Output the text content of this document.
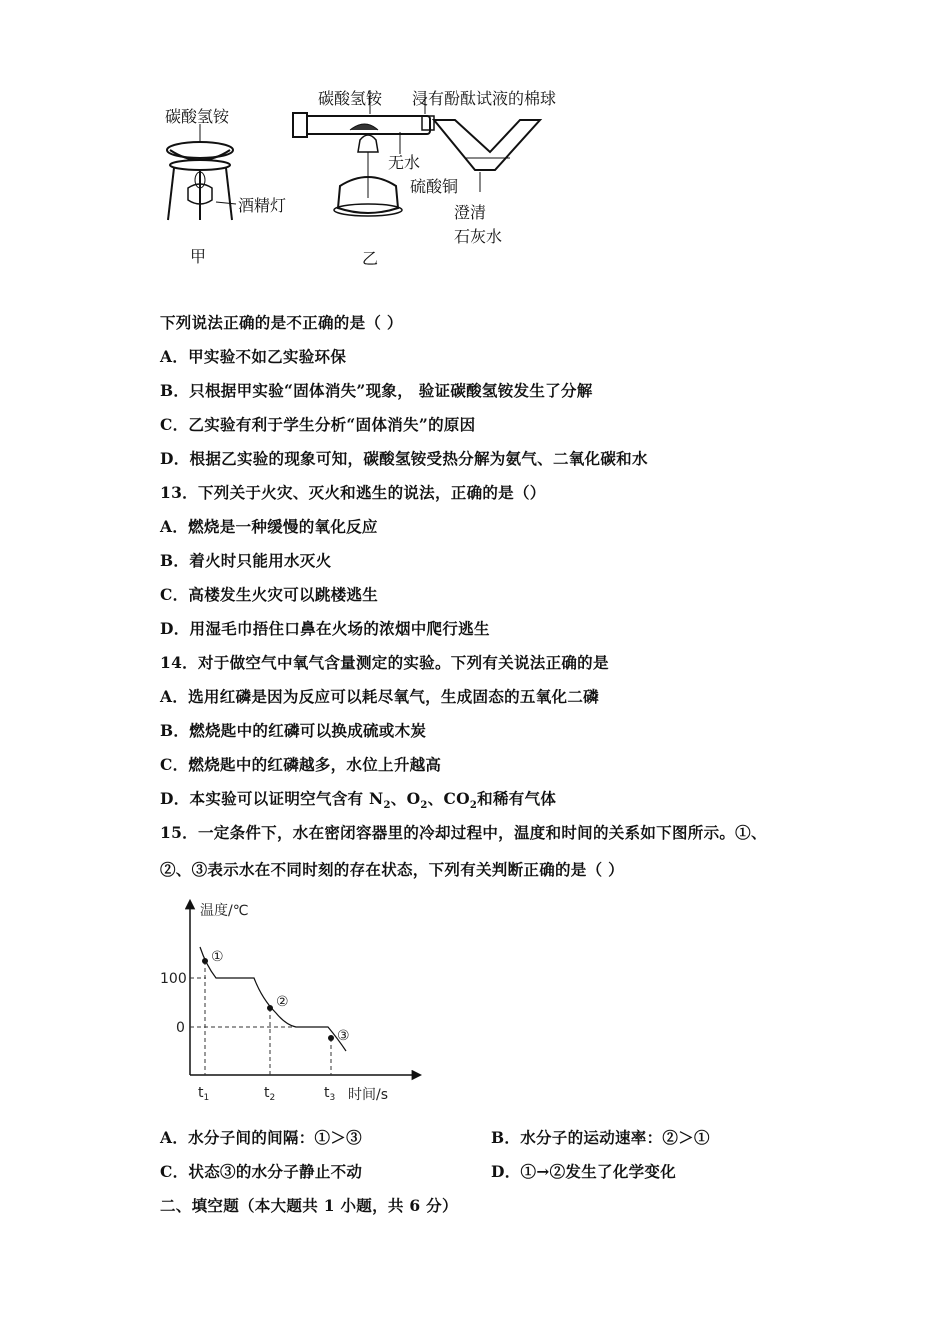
碳酸氢铵
酒精灯
甲
碳酸氢铵 浸有酚酞试液的棉球
无水
硫酸铜
澄清
石灰水
乙
下列说法正确的是不正确的是（ ）
A．甲实验不如乙实验环保
B．只根据甲实验“固体消失”现象， 验证碳酸氢铵发生了分解
C．乙实验有利于学生分析“固体消失”的原因
D．根据乙实验的现象可知，碳酸氢铵受热分解为氨气、二氧化碳和水
13．下列关于火灾、灭火和逃生的说法，正确的是（）
A．燃烧是一种缓慢的氧化反应
B．着火时只能用水灭火
C．高楼发生火灾可以跳楼逃生
D．用湿毛巾捂住口鼻在火场的浓烟中爬行逃生
14．对于做空气中氧气含量测定的实验。下列有关说法正确的是
A．选用红磷是因为反应可以耗尽氧气，生成固态的五氧化二磷
B．燃烧匙中的红磷可以换成硫或木炭
C．燃烧匙中的红磷越多，水位上升越高
D．本实验可以证明空气含有 $N_2$、$O_2$、$CO_2$和稀有气体
15．一定条件下，水在密闭容器里的冷却过程中，温度和时间的关系如下图所示。①、
②、③表示水在不同时刻的存在状态，下列有关判断正确的是（ ）
温度/℃
时间/s
100
0
$t_1$	$t_2$	$t_3$
①
②
③
A．水分子间的间隔：①＞③	B．水分子的运动速率：②＞①
C．状态③的水分子静止不动	D．①→②发生了化学变化
二、填空题（本大题共 1 小题，共 6 分）
